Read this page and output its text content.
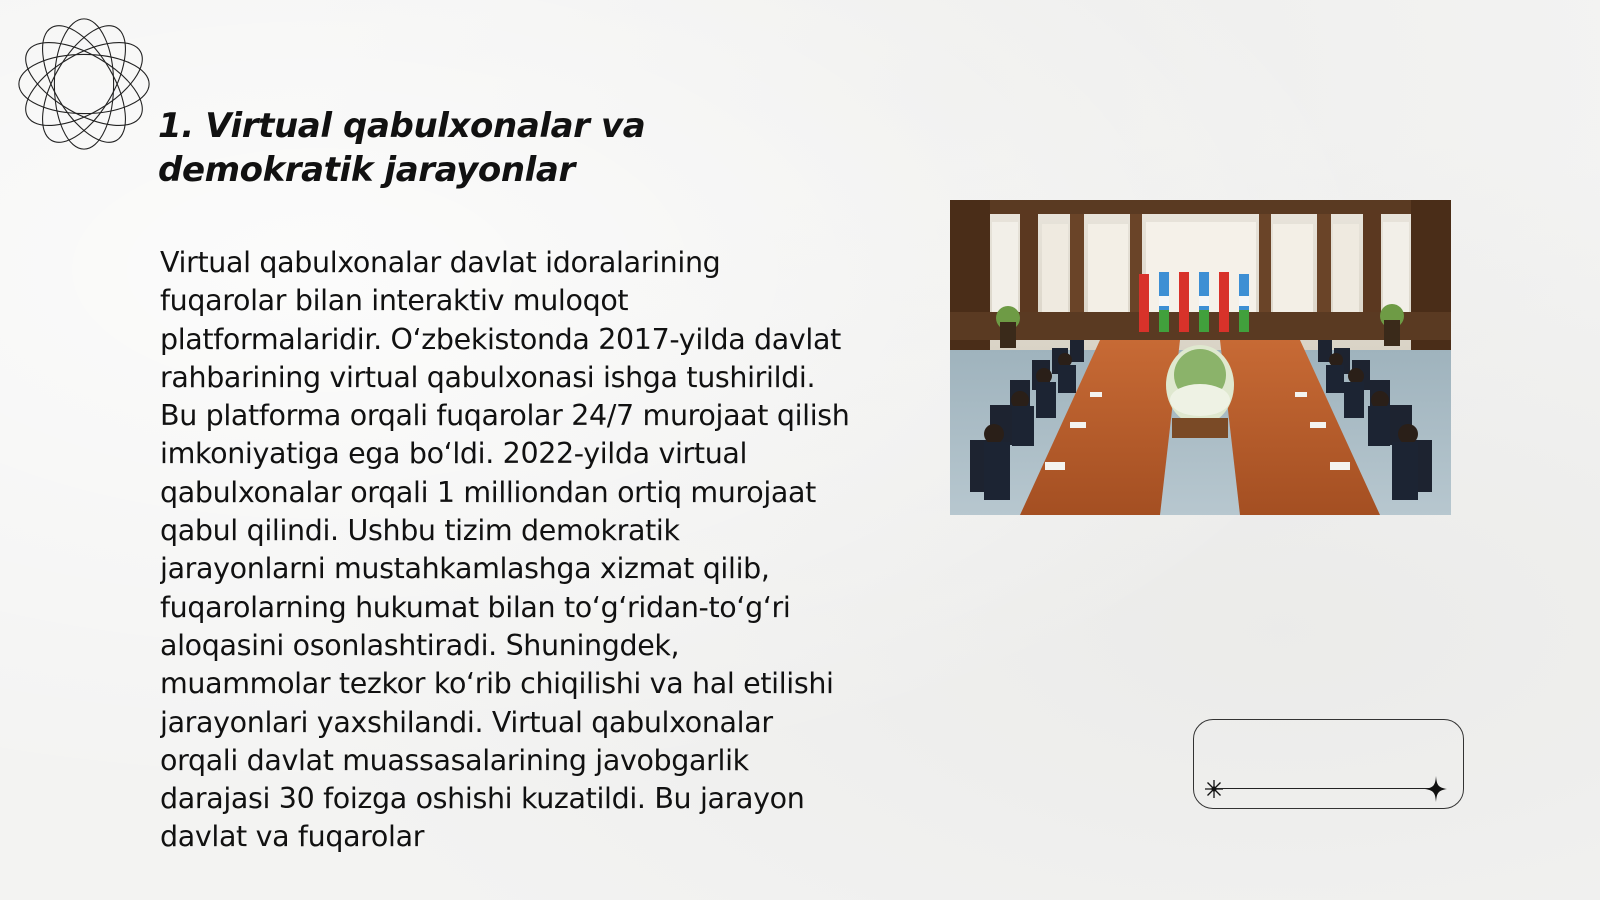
1. Virtual qabulxonalar va demokratik jarayonlar

Virtual qabulxonalar davlat idoralarining fuqarolar bilan interaktiv muloqot platformalaridir. O‘zbekistonda 2017-yilda davlat rahbarining virtual qabulxonasi ishga tushirildi. Bu platforma orqali fuqarolar 24/7 murojaat qilish imkoniyatiga ega bo‘ldi. 2022-yilda virtual qabulxonalar orqali 1 milliondan ortiq murojaat qabul qilindi. Ushbu tizim demokratik jarayonlarni mustahkamlashga xizmat qilib, fuqarolarning hukumat bilan to‘g‘ridan-to‘g‘ri aloqasini osonlashtiradi. Shuningdek, muammolar tezkor ko‘rib chiqilishi va hal etilishi jarayonlari yaxshilandi. Virtual qabulxonalar orqali davlat muassasalarining javobgarlik darajasi 30 foizga oshishi kuzatildi. Bu jarayon davlat va fuqarolar
